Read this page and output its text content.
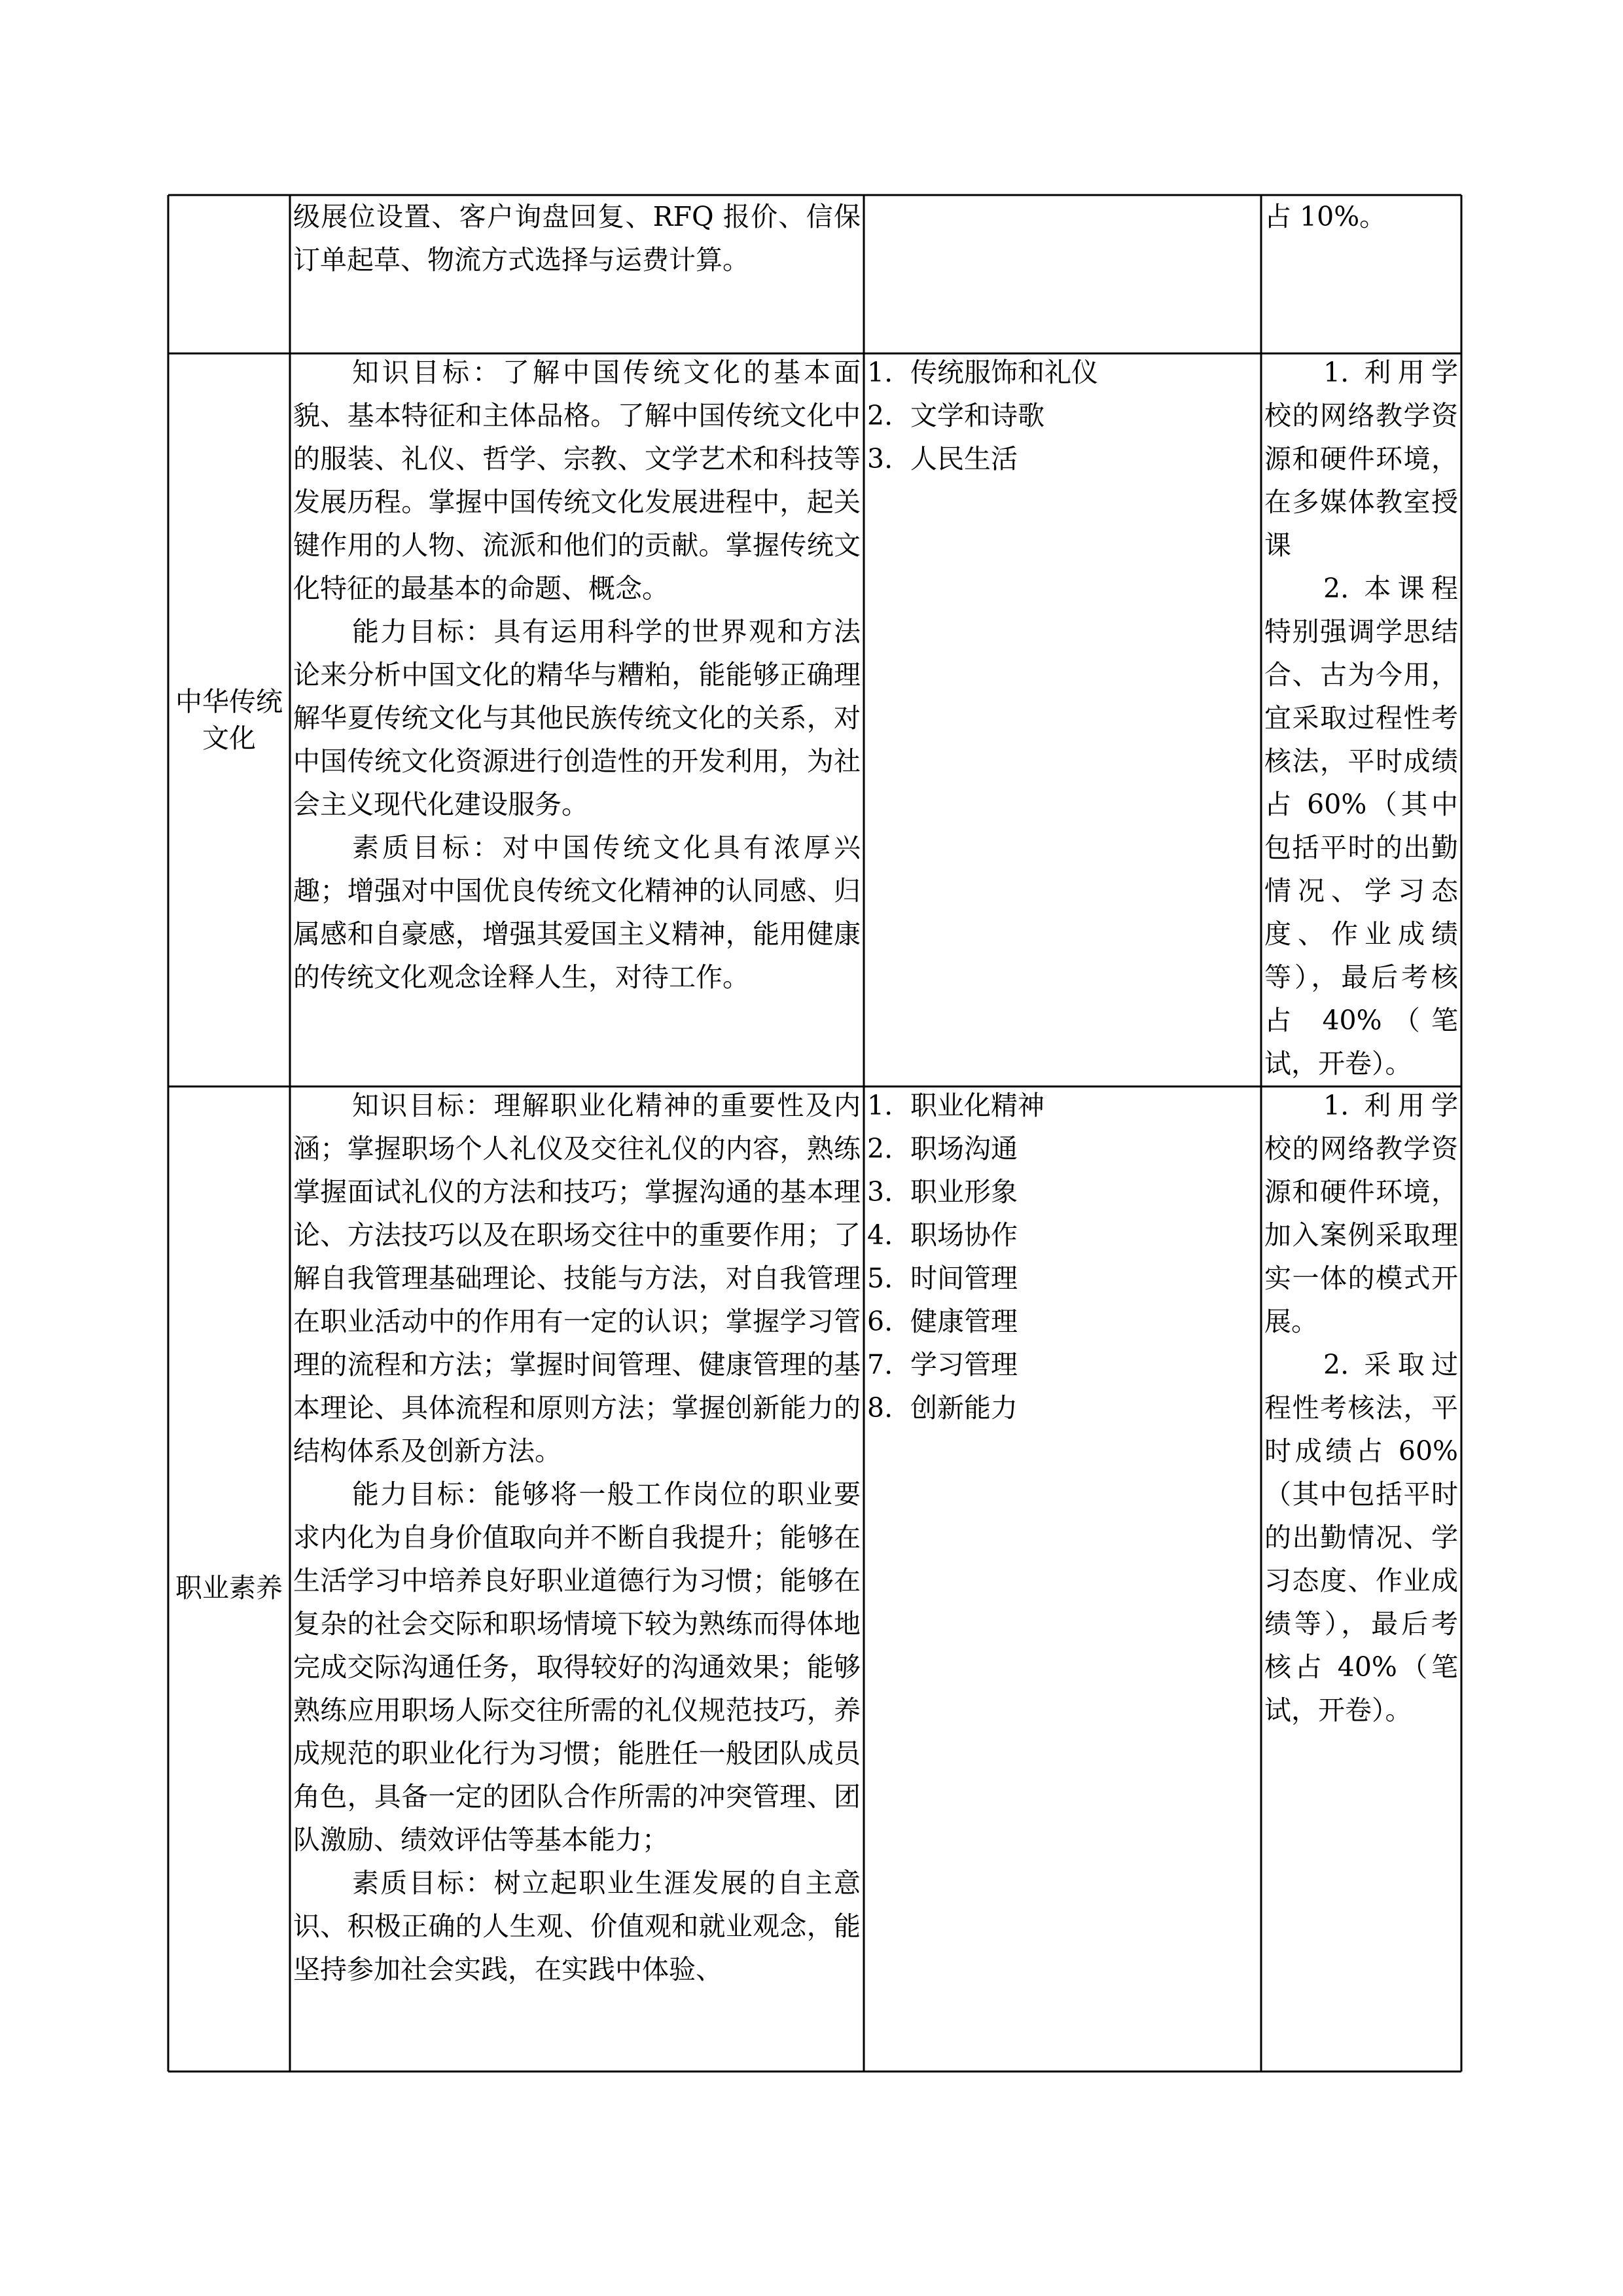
级展位设置、客户询盘回复、RFQ 报价、信保订单起草、物流方式选择与运费计算。
占 10%。
中华传统文化
知识目标：了解中国传统文化的基本面貌、基本特征和主体品格。了解中国传统文化中的服装、礼仪、哲学、宗教、文学艺术和科技等发展历程。掌握中国传统文化发展进程中，起关键作用的人物、流派和他们的贡献。掌握传统文化特征的最基本的命题、概念。
能力目标：具有运用科学的世界观和方法论来分析中国文化的精华与糟粕，能能够正确理解华夏传统文化与其他民族传统文化的关系，对中国传统文化资源进行创造性的开发利用，为社会主义现代化建设服务。
素质目标：对中国传统文化具有浓厚兴趣；增强对中国优良传统文化精神的认同感、归属感和自豪感，增强其爱国主义精神，能用健康的传统文化观念诠释人生，对待工作。
1. 传统服饰和礼仪
2. 文学和诗歌
3. 人民生活
1. 利用学校的网络教学资源和硬件环境，在多媒体教室授课
2. 本课程特别强调学思结合、古为今用，宜采取过程性考核法，平时成绩占 60%（其中包括平时的出勤情况、学习态度、作业成绩等），最后考核占 40%（笔试，开卷）。
职业素养
知识目标：理解职业化精神的重要性及内涵；掌握职场个人礼仪及交往礼仪的内容，熟练掌握面试礼仪的方法和技巧；掌握沟通的基本理论、方法技巧以及在职场交往中的重要作用；了解自我管理基础理论、技能与方法，对自我管理在职业活动中的作用有一定的认识；掌握学习管理的流程和方法；掌握时间管理、健康管理的基本理论、具体流程和原则方法；掌握创新能力的结构体系及创新方法。
能力目标：能够将一般工作岗位的职业要求内化为自身价值取向并不断自我提升；能够在生活学习中培养良好职业道德行为习惯；能够在复杂的社会交际和职场情境下较为熟练而得体地完成交际沟通任务，取得较好的沟通效果；能够熟练应用职场人际交往所需的礼仪规范技巧，养成规范的职业化行为习惯；能胜任一般团队成员角色，具备一定的团队合作所需的冲突管理、团队激励、绩效评估等基本能力；
素质目标：树立起职业生涯发展的自主意识、积极正确的人生观、价值观和就业观念，能坚持参加社会实践，在实践中体验、
1. 职业化精神
2. 职场沟通
3. 职业形象
4. 职场协作
5. 时间管理
6. 健康管理
7. 学习管理
8. 创新能力
1. 利用学校的网络教学资源和硬件环境，加入案例采取理实一体的模式开展。
2. 采取过程性考核法，平时成绩占 60%（其中包括平时的出勤情况、学习态度、作业成绩等），最后考核占 40%（笔试，开卷）。
